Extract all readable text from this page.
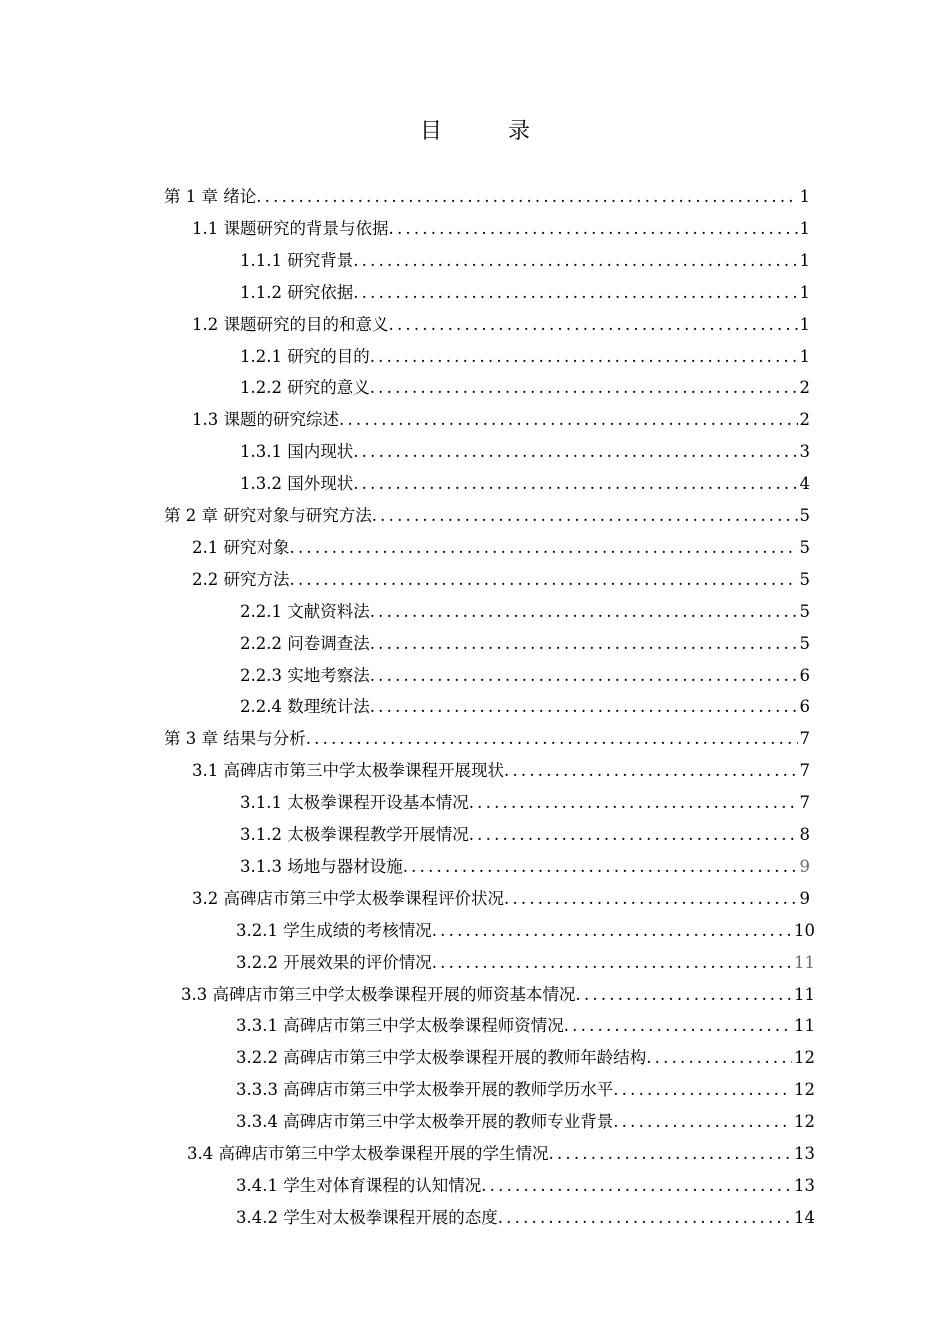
目　录
第 1 章 绪论 .....	1
1.1 课题研究的背景与依据 .....	1
1.1.1 研究背景 .....	1
1.1.2 研究依据 .....	1
1.2 课题研究的目的和意义 .....	1
1.2.1 研究的目的 .....	1
1.2.2 研究的意义 .....	2
1.3 课题的研究综述 .....	2
1.3.1 国内现状 .....	3
1.3.2 国外现状 .....	4
第 2 章 研究对象与研究方法 .....	5
2.1 研究对象 .....	5
2.2 研究方法 .....	5
2.2.1 文献资料法 .....	5
2.2.2 问卷调查法 .....	5
2.2.3 实地考察法 .....	6
2.2.4 数理统计法 .....	6
第 3 章 结果与分析 .....	7
3.1 高碑店市第三中学太极拳课程开展现状 .....	7
3.1.1 太极拳课程开设基本情况 .....	7
3.1.2 太极拳课程教学开展情况 .....	8
3.1.3 场地与器材设施 .....	9
3.2 高碑店市第三中学太极拳课程评价状况 .....	9
3.2.1 学生成绩的考核情况 .....	10
3.2.2 开展效果的评价情况 .....	11
3.3 高碑店市第三中学太极拳课程开展的师资基本情况 .....	11
3.3.1 高碑店市第三中学太极拳课程师资情况 .....	11
3.2.2 高碑店市第三中学太极拳课程开展的教师年龄结构 .....	12
3.3.3 高碑店市第三中学太极拳开展的教师学历水平 .....	12
3.3.4 高碑店市第三中学太极拳开展的教师专业背景 .....	12
3.4 高碑店市第三中学太极拳课程开展的学生情况 .....	13
3.4.1 学生对体育课程的认知情况 .....	13
3.4.2 学生对太极拳课程开展的态度 .....	14
